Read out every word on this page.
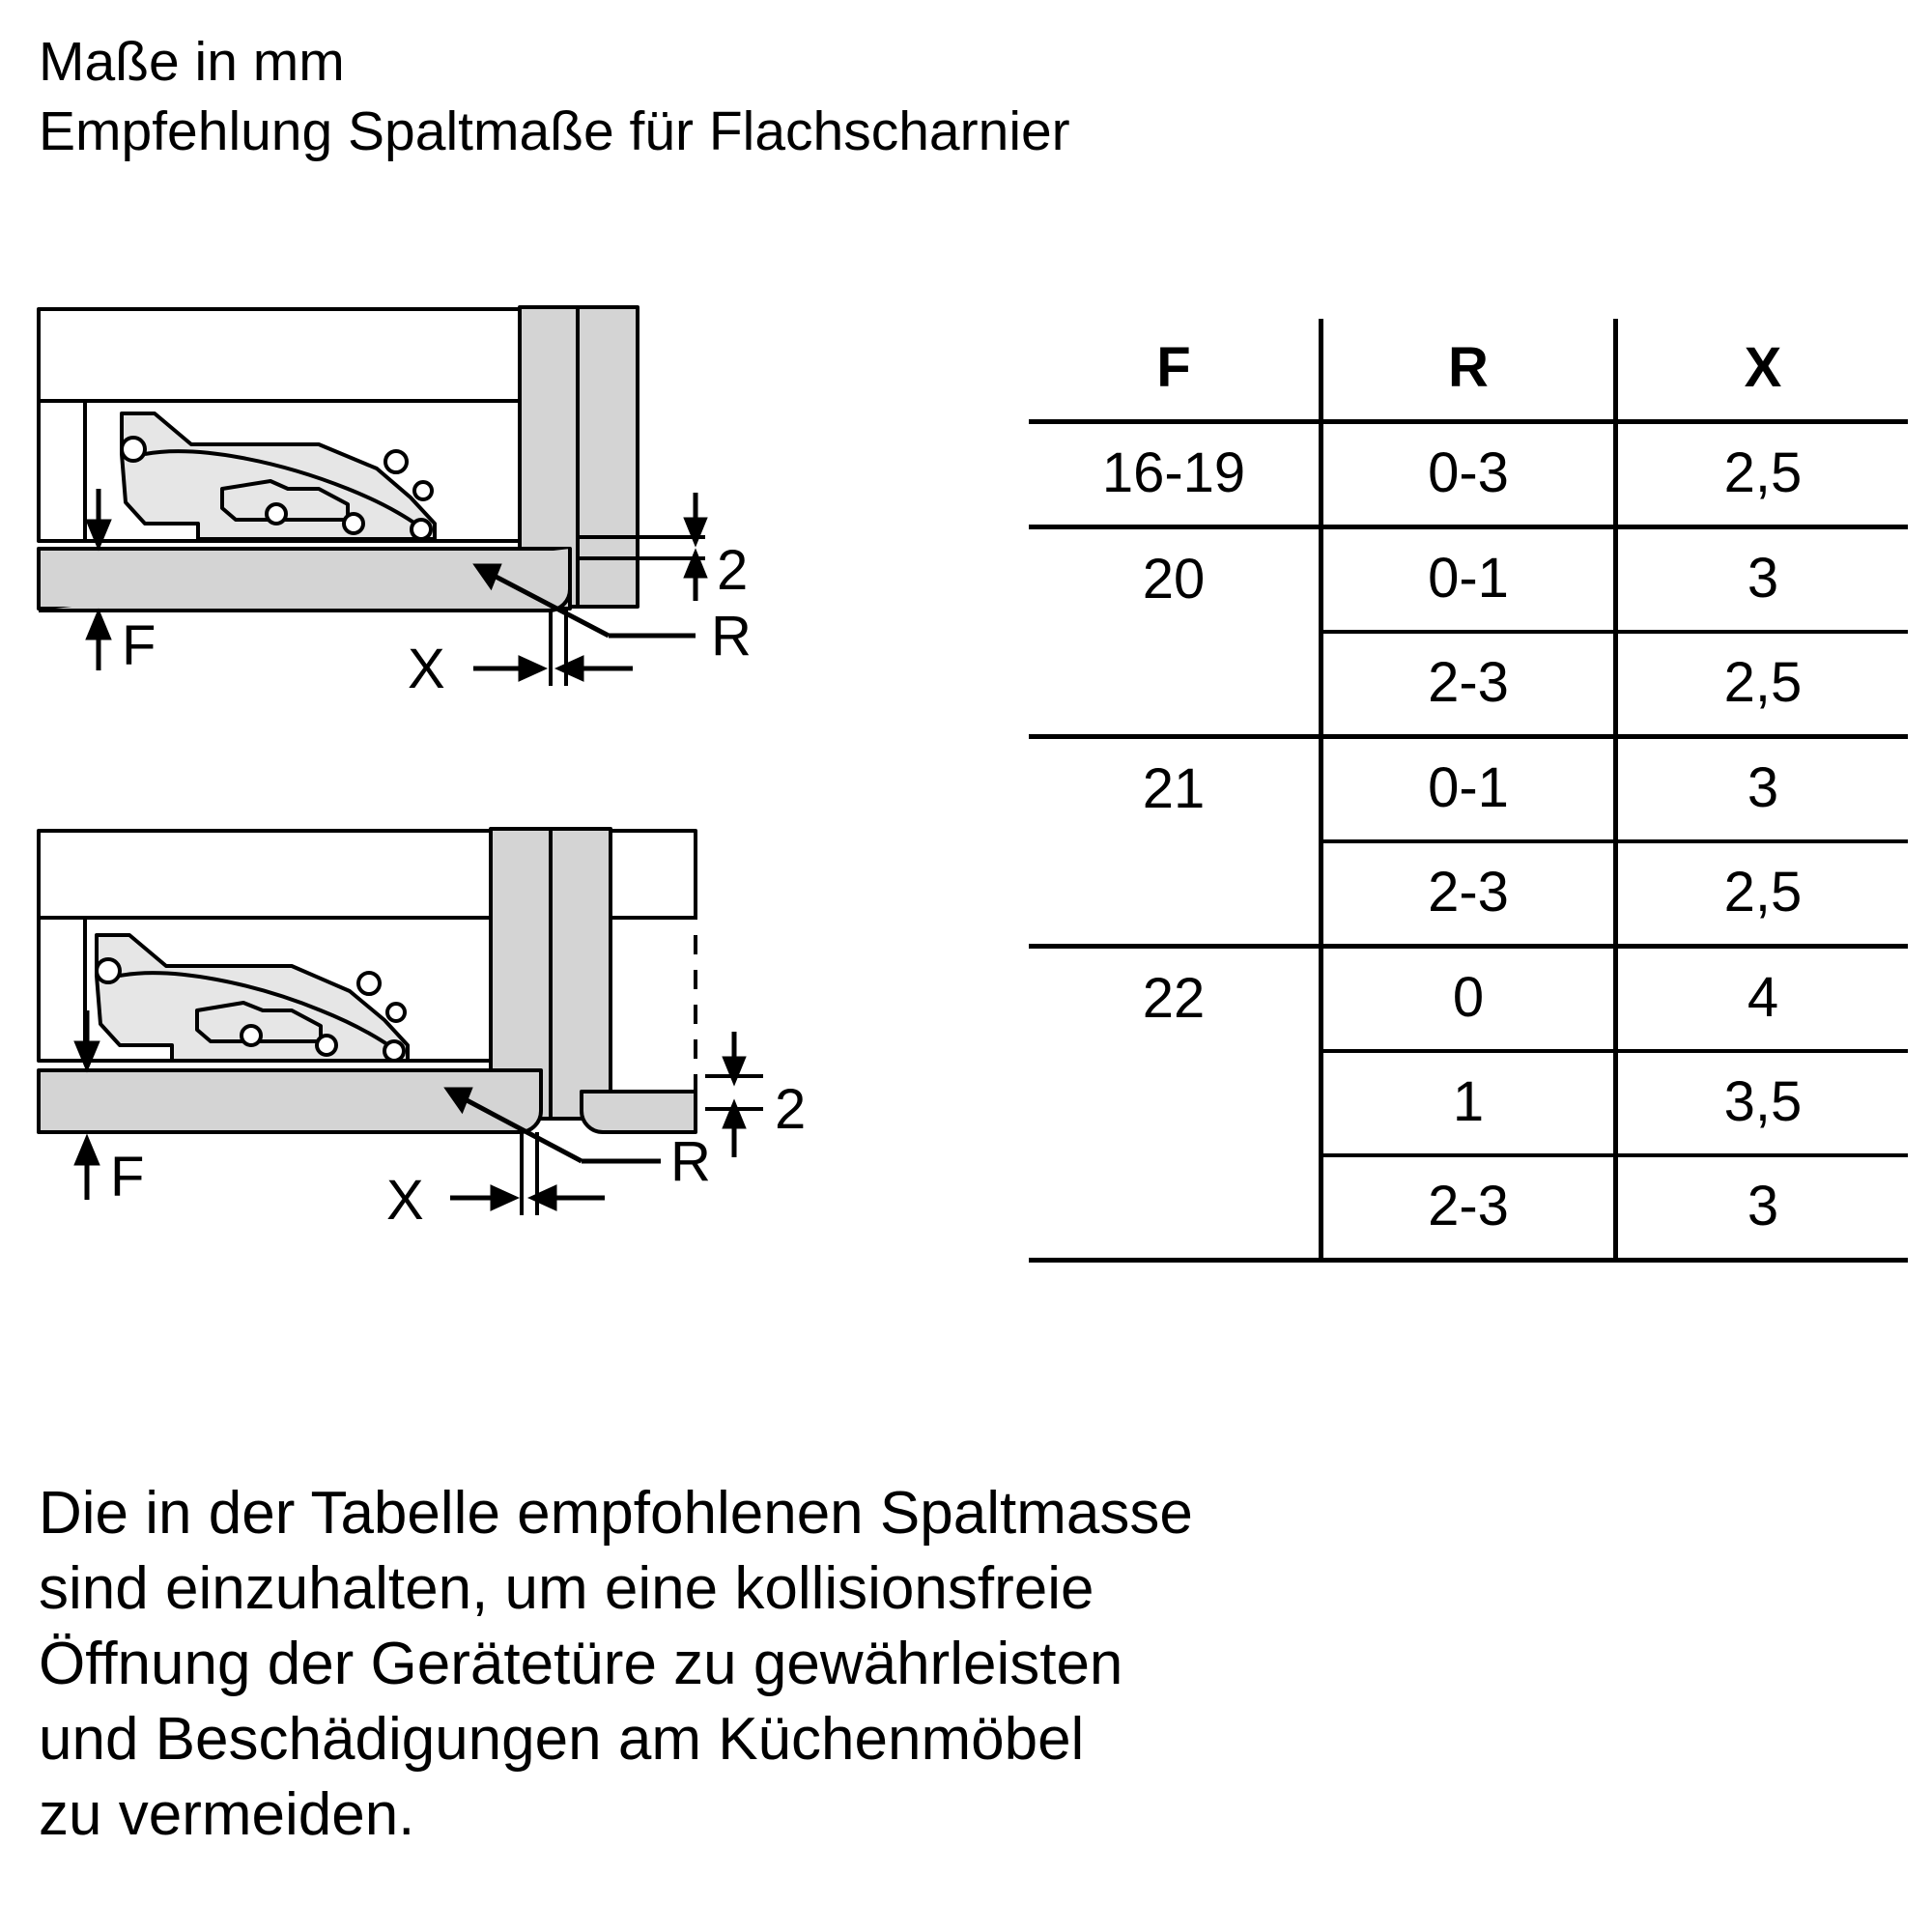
Maße in mm
Empfehlung Spaltmaße für Flachscharnier
2
F	X
R
2
F	X
R
F	R	X
16-19	0-3	2,5
20	0-1	3
	2-3	2,5
21	0-1	3
	2-3	2,5
22	0	4
	1	3,5
	2-3	3
Die in der Tabelle empfohlenen Spaltmasse
sind einzuhalten, um eine kollisionsfreie
Öffnung der Gerätetüre zu gewährleisten
und Beschädigungen am Küchenmöbel
zu vermeiden.
